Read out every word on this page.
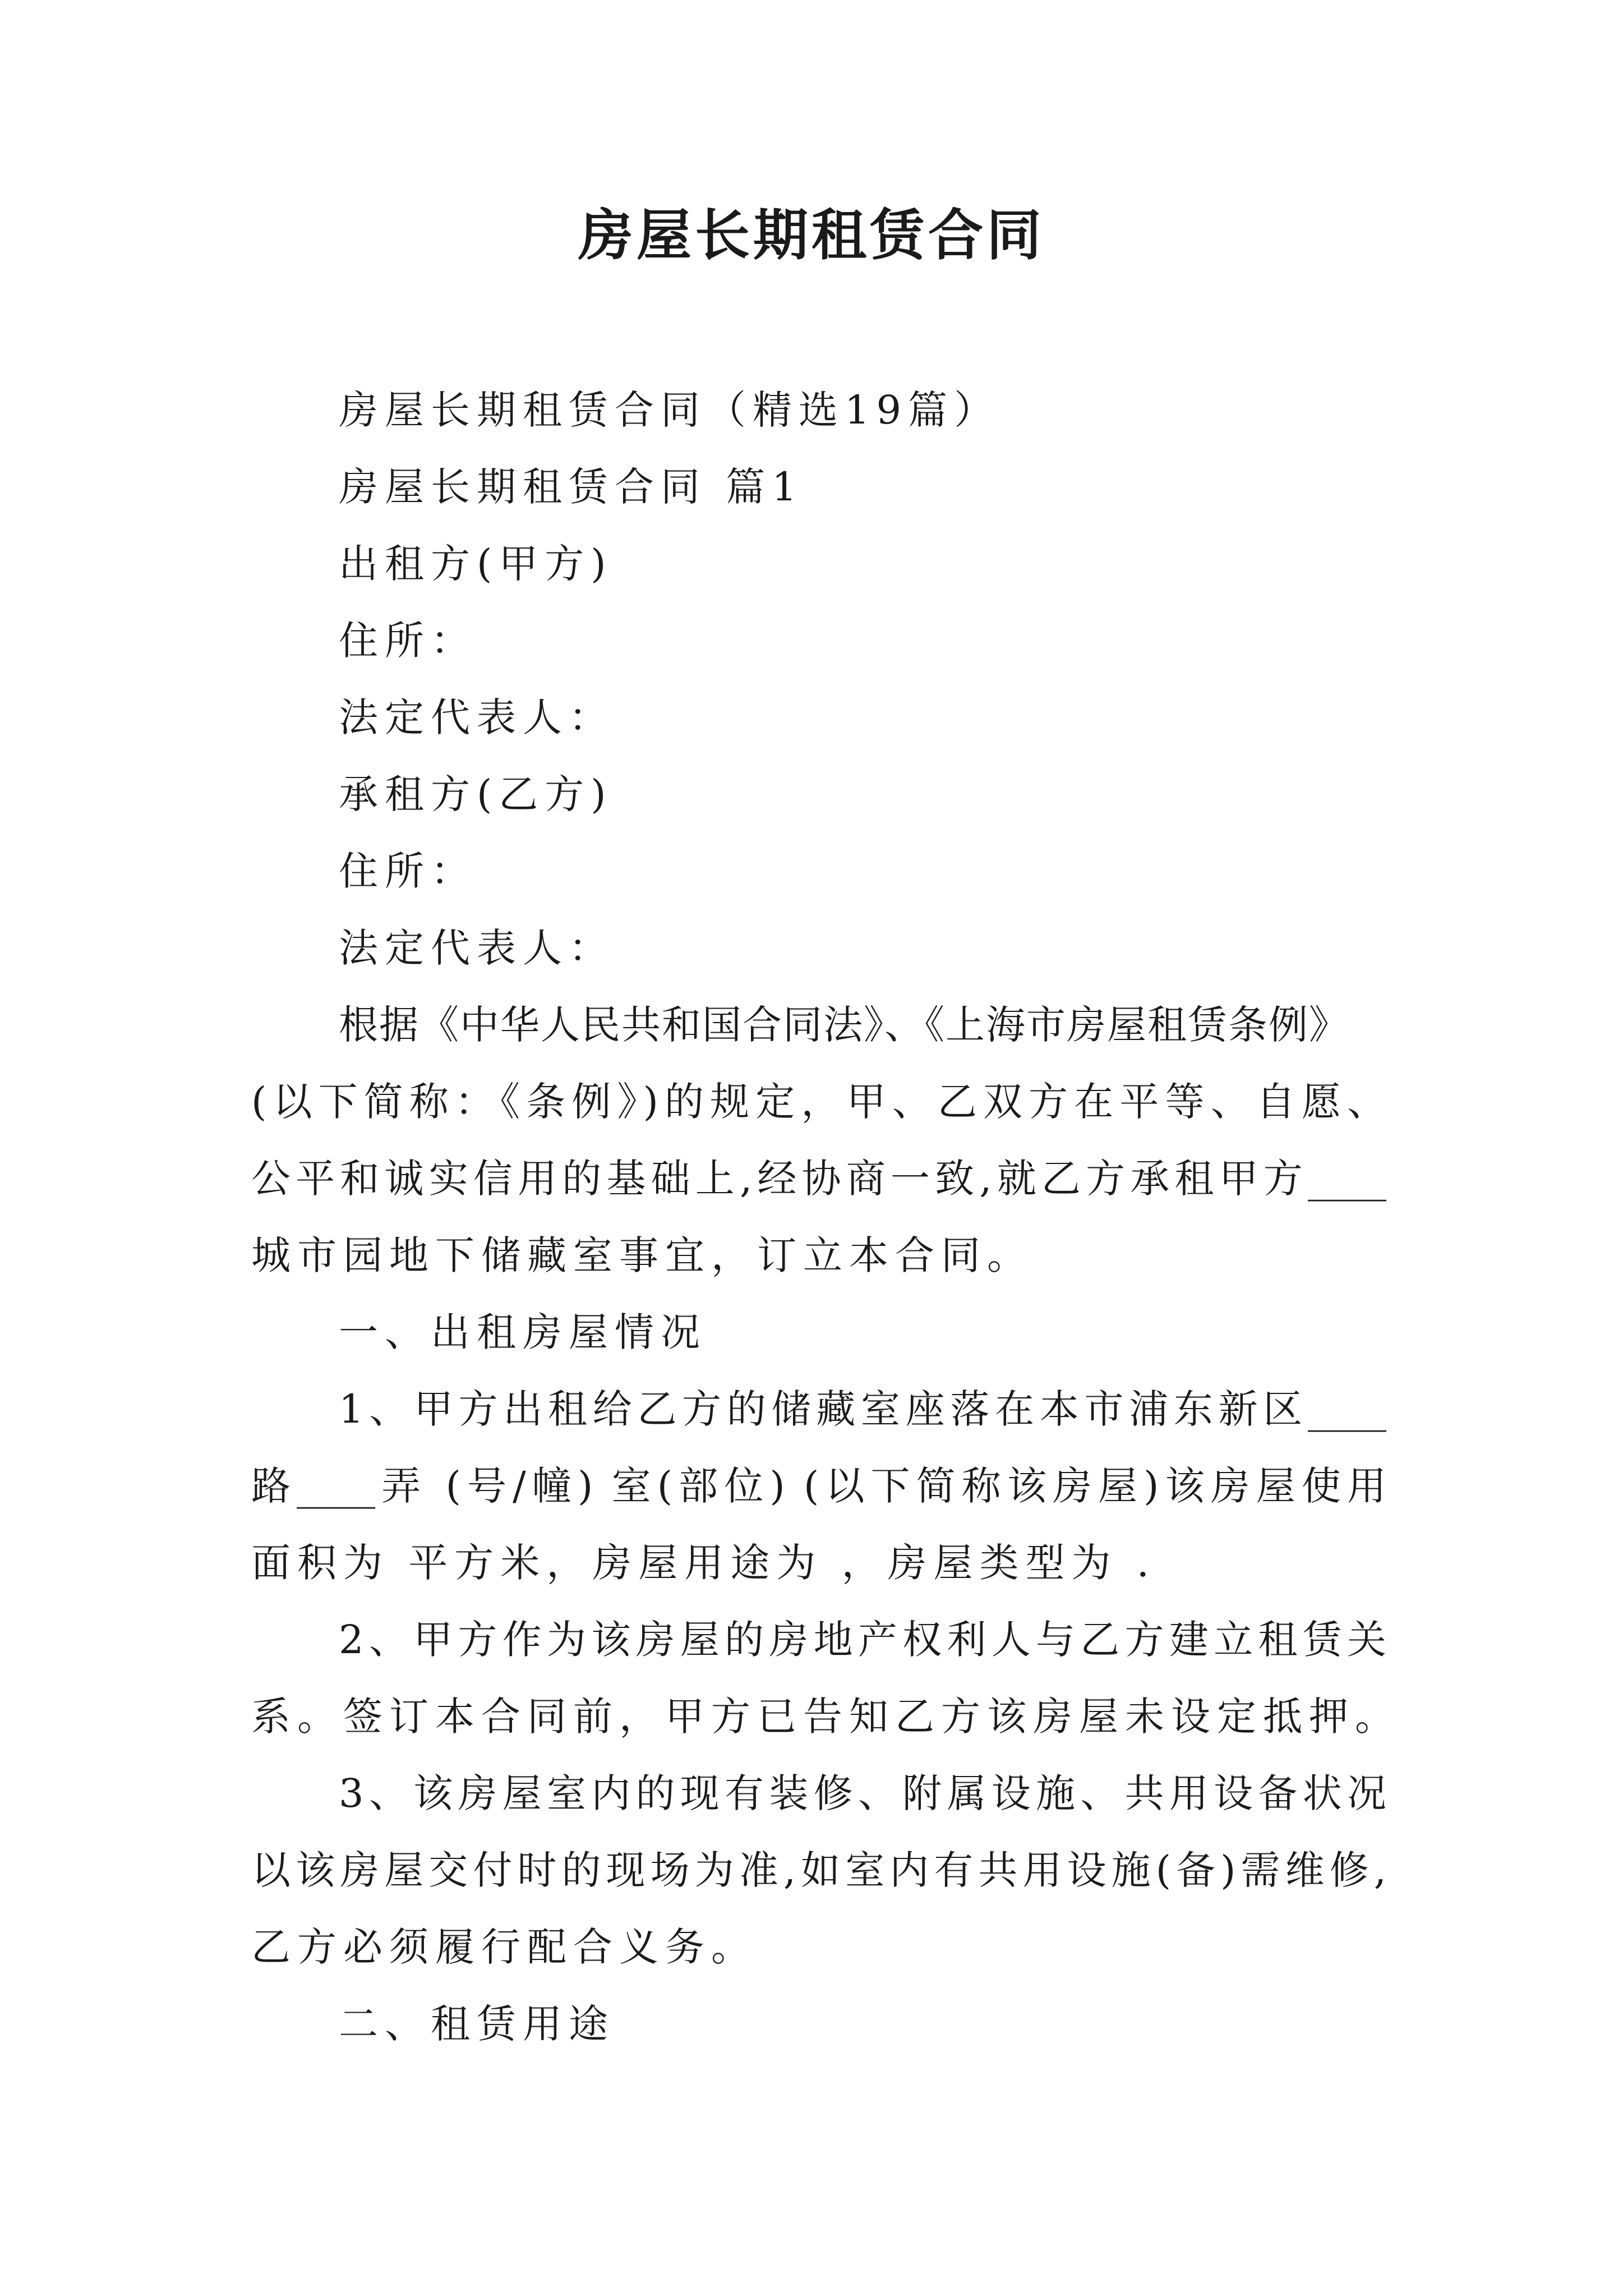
房屋长期租赁合同

房屋长期租赁合同（精选19篇）

房屋长期租赁合同 篇1

出租方(甲方)

住所：

法定代表人：

承租方(乙方)

住所：

法定代表人：

根据《中华人民共和国合同法》、《上海市房屋租赁条例》

(以下简称：《条例》)的规定，甲、乙双方在平等、自愿、

公平和诚实信用的基础上,经协商一致,就乙方承租甲方____

城市园地下储藏室事宜，订立本合同。

一、出租房屋情况

1、甲方出租给乙方的储藏室座落在本市浦东新区____

路____弄 (号/幢) 室(部位) (以下简称该房屋)该房屋使用

面积为 平方米，房屋用途为 ，房屋类型为 .

2、甲方作为该房屋的房地产权利人与乙方建立租赁关

系。签订本合同前，甲方已告知乙方该房屋未设定抵押。

3、该房屋室内的现有装修、附属设施、共用设备状况

以该房屋交付时的现场为准,如室内有共用设施(备)需维修,

乙方必须履行配合义务。

二、租赁用途
